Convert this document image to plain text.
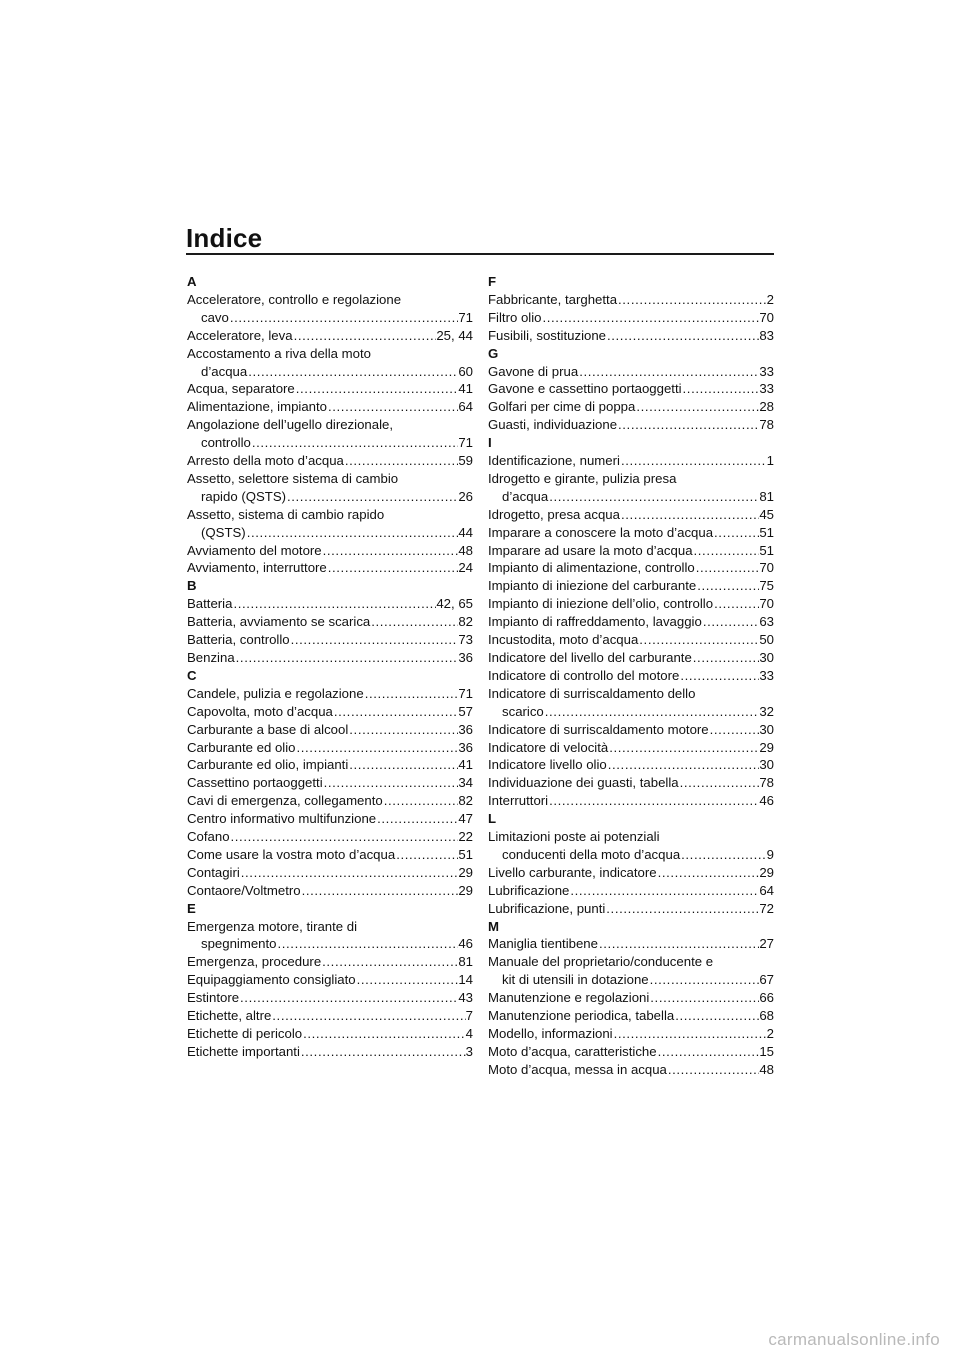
Indice
A
Acceleratore, controllo e regolazione
cavo .....	71
Acceleratore, leva .....	25, 44
Accostamento a riva della moto
d’acqua .....	60
Acqua, separatore .....	41
Alimentazione, impianto .....	64
Angolazione dell’ugello direzionale,
controllo .....	71
Arresto della moto d’acqua .....	59
Assetto, selettore sistema di cambio
rapido (QSTS) .....	26
Assetto, sistema di cambio rapido
(QSTS) .....	44
Avviamento del motore .....	48
Avviamento, interruttore .....	24
B
Batteria .....	42, 65
Batteria, avviamento se scarica .....	82
Batteria, controllo .....	73
Benzina .....	36
C
Candele, pulizia e regolazione .....	71
Capovolta, moto d’acqua .....	57
Carburante a base di alcool .....	36
Carburante ed olio .....	36
Carburante ed olio, impianti .....	41
Cassettino portaoggetti .....	34
Cavi di emergenza, collegamento .....	82
Centro informativo multifunzione .....	47
Cofano .....	22
Come usare la vostra moto d’acqua .....	51
Contagiri .....	29
Contaore/Voltmetro .....	29
E
Emergenza motore, tirante di
spegnimento .....	46
Emergenza, procedure .....	81
Equipaggiamento consigliato .....	14
Estintore .....	43
Etichette, altre .....	7
Etichette di pericolo .....	4
Etichette importanti .....	3
F
Fabbricante, targhetta .....	2
Filtro olio .....	70
Fusibili, sostituzione .....	83
G
Gavone di prua .....	33
Gavone e cassettino portaoggetti .....	33
Golfari per cime di poppa .....	28
Guasti, individuazione .....	78
I
Identificazione, numeri .....	1
Idrogetto e girante, pulizia presa
d’acqua .....	81
Idrogetto, presa acqua .....	45
Imparare a conoscere la moto d’acqua .....	51
Imparare ad usare la moto d’acqua .....	51
Impianto di alimentazione, controllo .....	70
Impianto di iniezione del carburante .....	75
Impianto di iniezione dell’olio, controllo .....	70
Impianto di raffreddamento, lavaggio .....	63
Incustodita, moto d’acqua .....	50
Indicatore del livello del carburante .....	30
Indicatore di controllo del motore .....	33
Indicatore di surriscaldamento dello
scarico .....	32
Indicatore di surriscaldamento motore .....	30
Indicatore di velocità .....	29
Indicatore livello olio .....	30
Individuazione dei guasti, tabella .....	78
Interruttori .....	46
L
Limitazioni poste ai potenziali
conducenti della moto d’acqua .....	9
Livello carburante, indicatore .....	29
Lubrificazione .....	64
Lubrificazione, punti .....	72
M
Maniglia tientibene .....	27
Manuale del proprietario/conducente e
kit di utensili in dotazione .....	67
Manutenzione e regolazioni .....	66
Manutenzione periodica, tabella .....	68
Modello, informazioni .....	2
Moto d’acqua, caratteristiche .....	15
Moto d’acqua, messa in acqua .....	48
carmanualsonline.info
